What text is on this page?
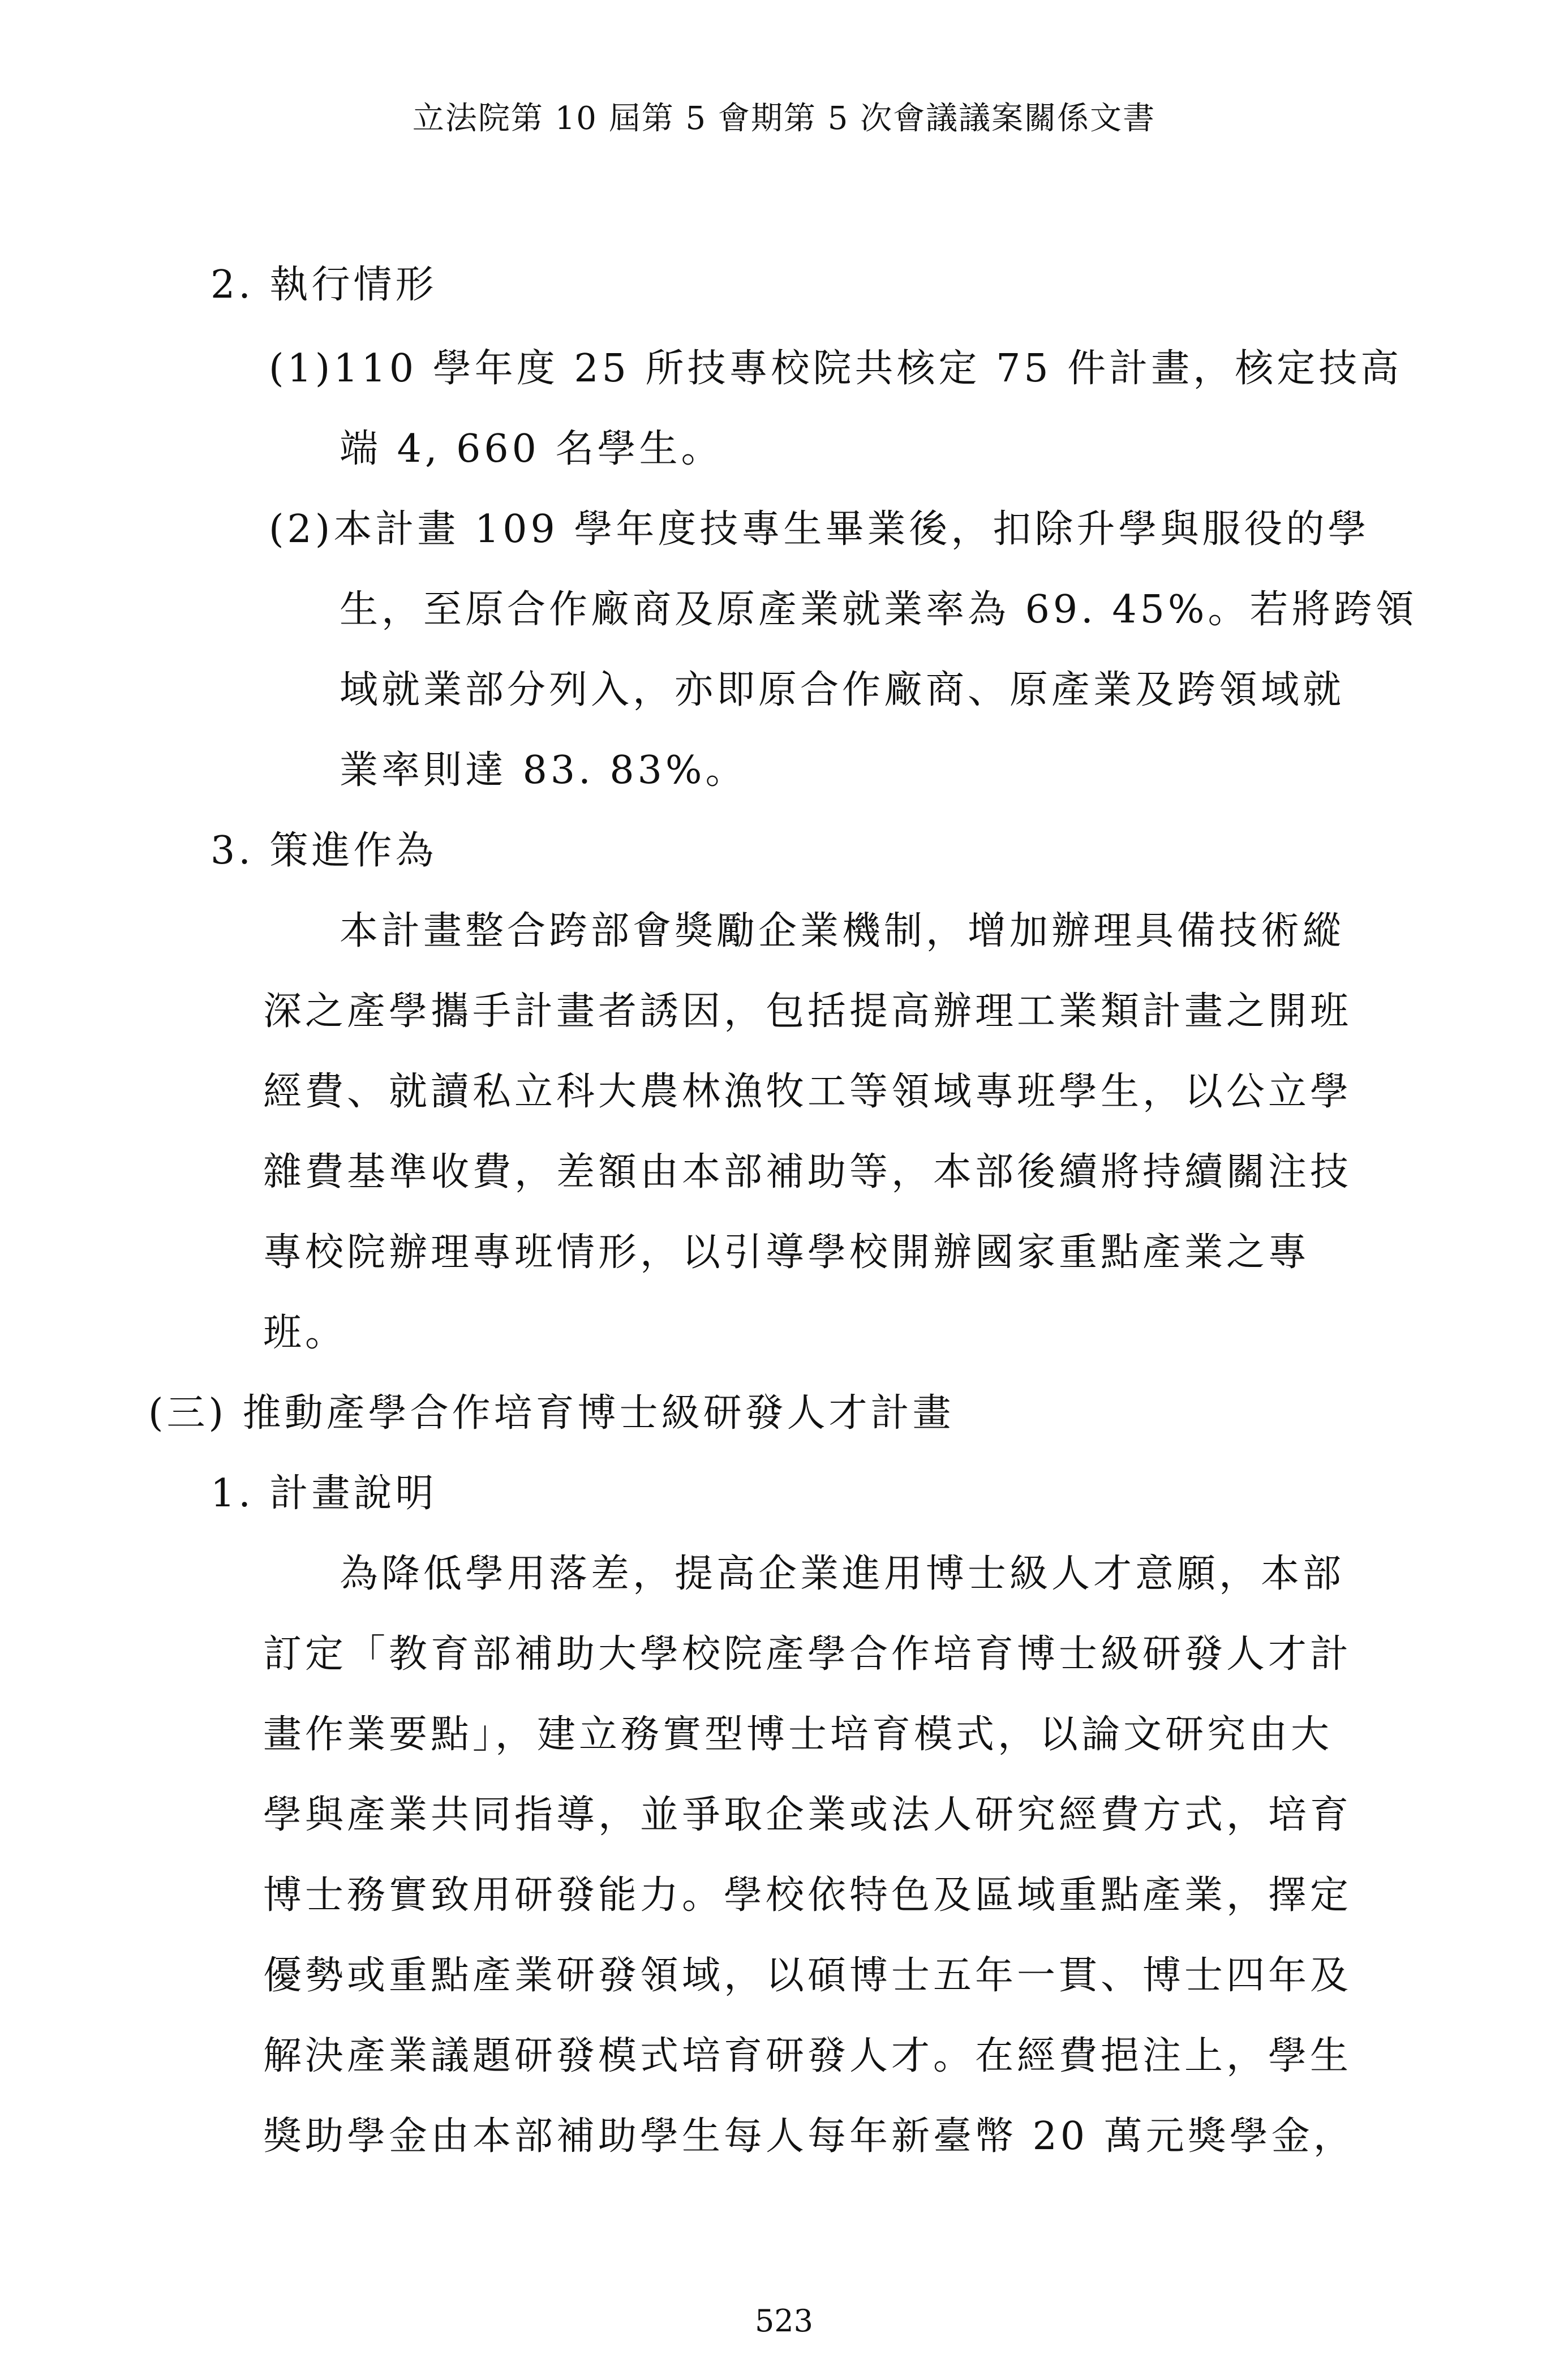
立法院第 10 屆第 5 會期第 5 次會議議案關係文書
2. 執行情形
(1)110 學年度 25 所技專校院共核定 75 件計畫，核定技高
端 4, 660 名學生。
(2)本計畫 109 學年度技專生畢業後，扣除升學與服役的學
生，至原合作廠商及原產業就業率為 69. 45%。若將跨領
域就業部分列入，亦即原合作廠商、原產業及跨領域就
業率則達 83. 83%。
3. 策進作為
本計畫整合跨部會獎勵企業機制，增加辦理具備技術縱
深之產學攜手計畫者誘因，包括提高辦理工業類計畫之開班
經費、就讀私立科大農林漁牧工等領域專班學生，以公立學
雜費基準收費，差額由本部補助等，本部後續將持續關注技
專校院辦理專班情形，以引導學校開辦國家重點產業之專
班。
(三) 推動產學合作培育博士級研發人才計畫
1. 計畫說明
為降低學用落差，提高企業進用博士級人才意願，本部
訂定「教育部補助大學校院產學合作培育博士級研發人才計
畫作業要點」，建立務實型博士培育模式，以論文研究由大
學與產業共同指導，並爭取企業或法人研究經費方式，培育
博士務實致用研發能力。學校依特色及區域重點產業，擇定
優勢或重點產業研發領域，以碩博士五年一貫、博士四年及
解決產業議題研發模式培育研發人才。在經費挹注上，學生
獎助學金由本部補助學生每人每年新臺幣 20 萬元獎學金，
523
